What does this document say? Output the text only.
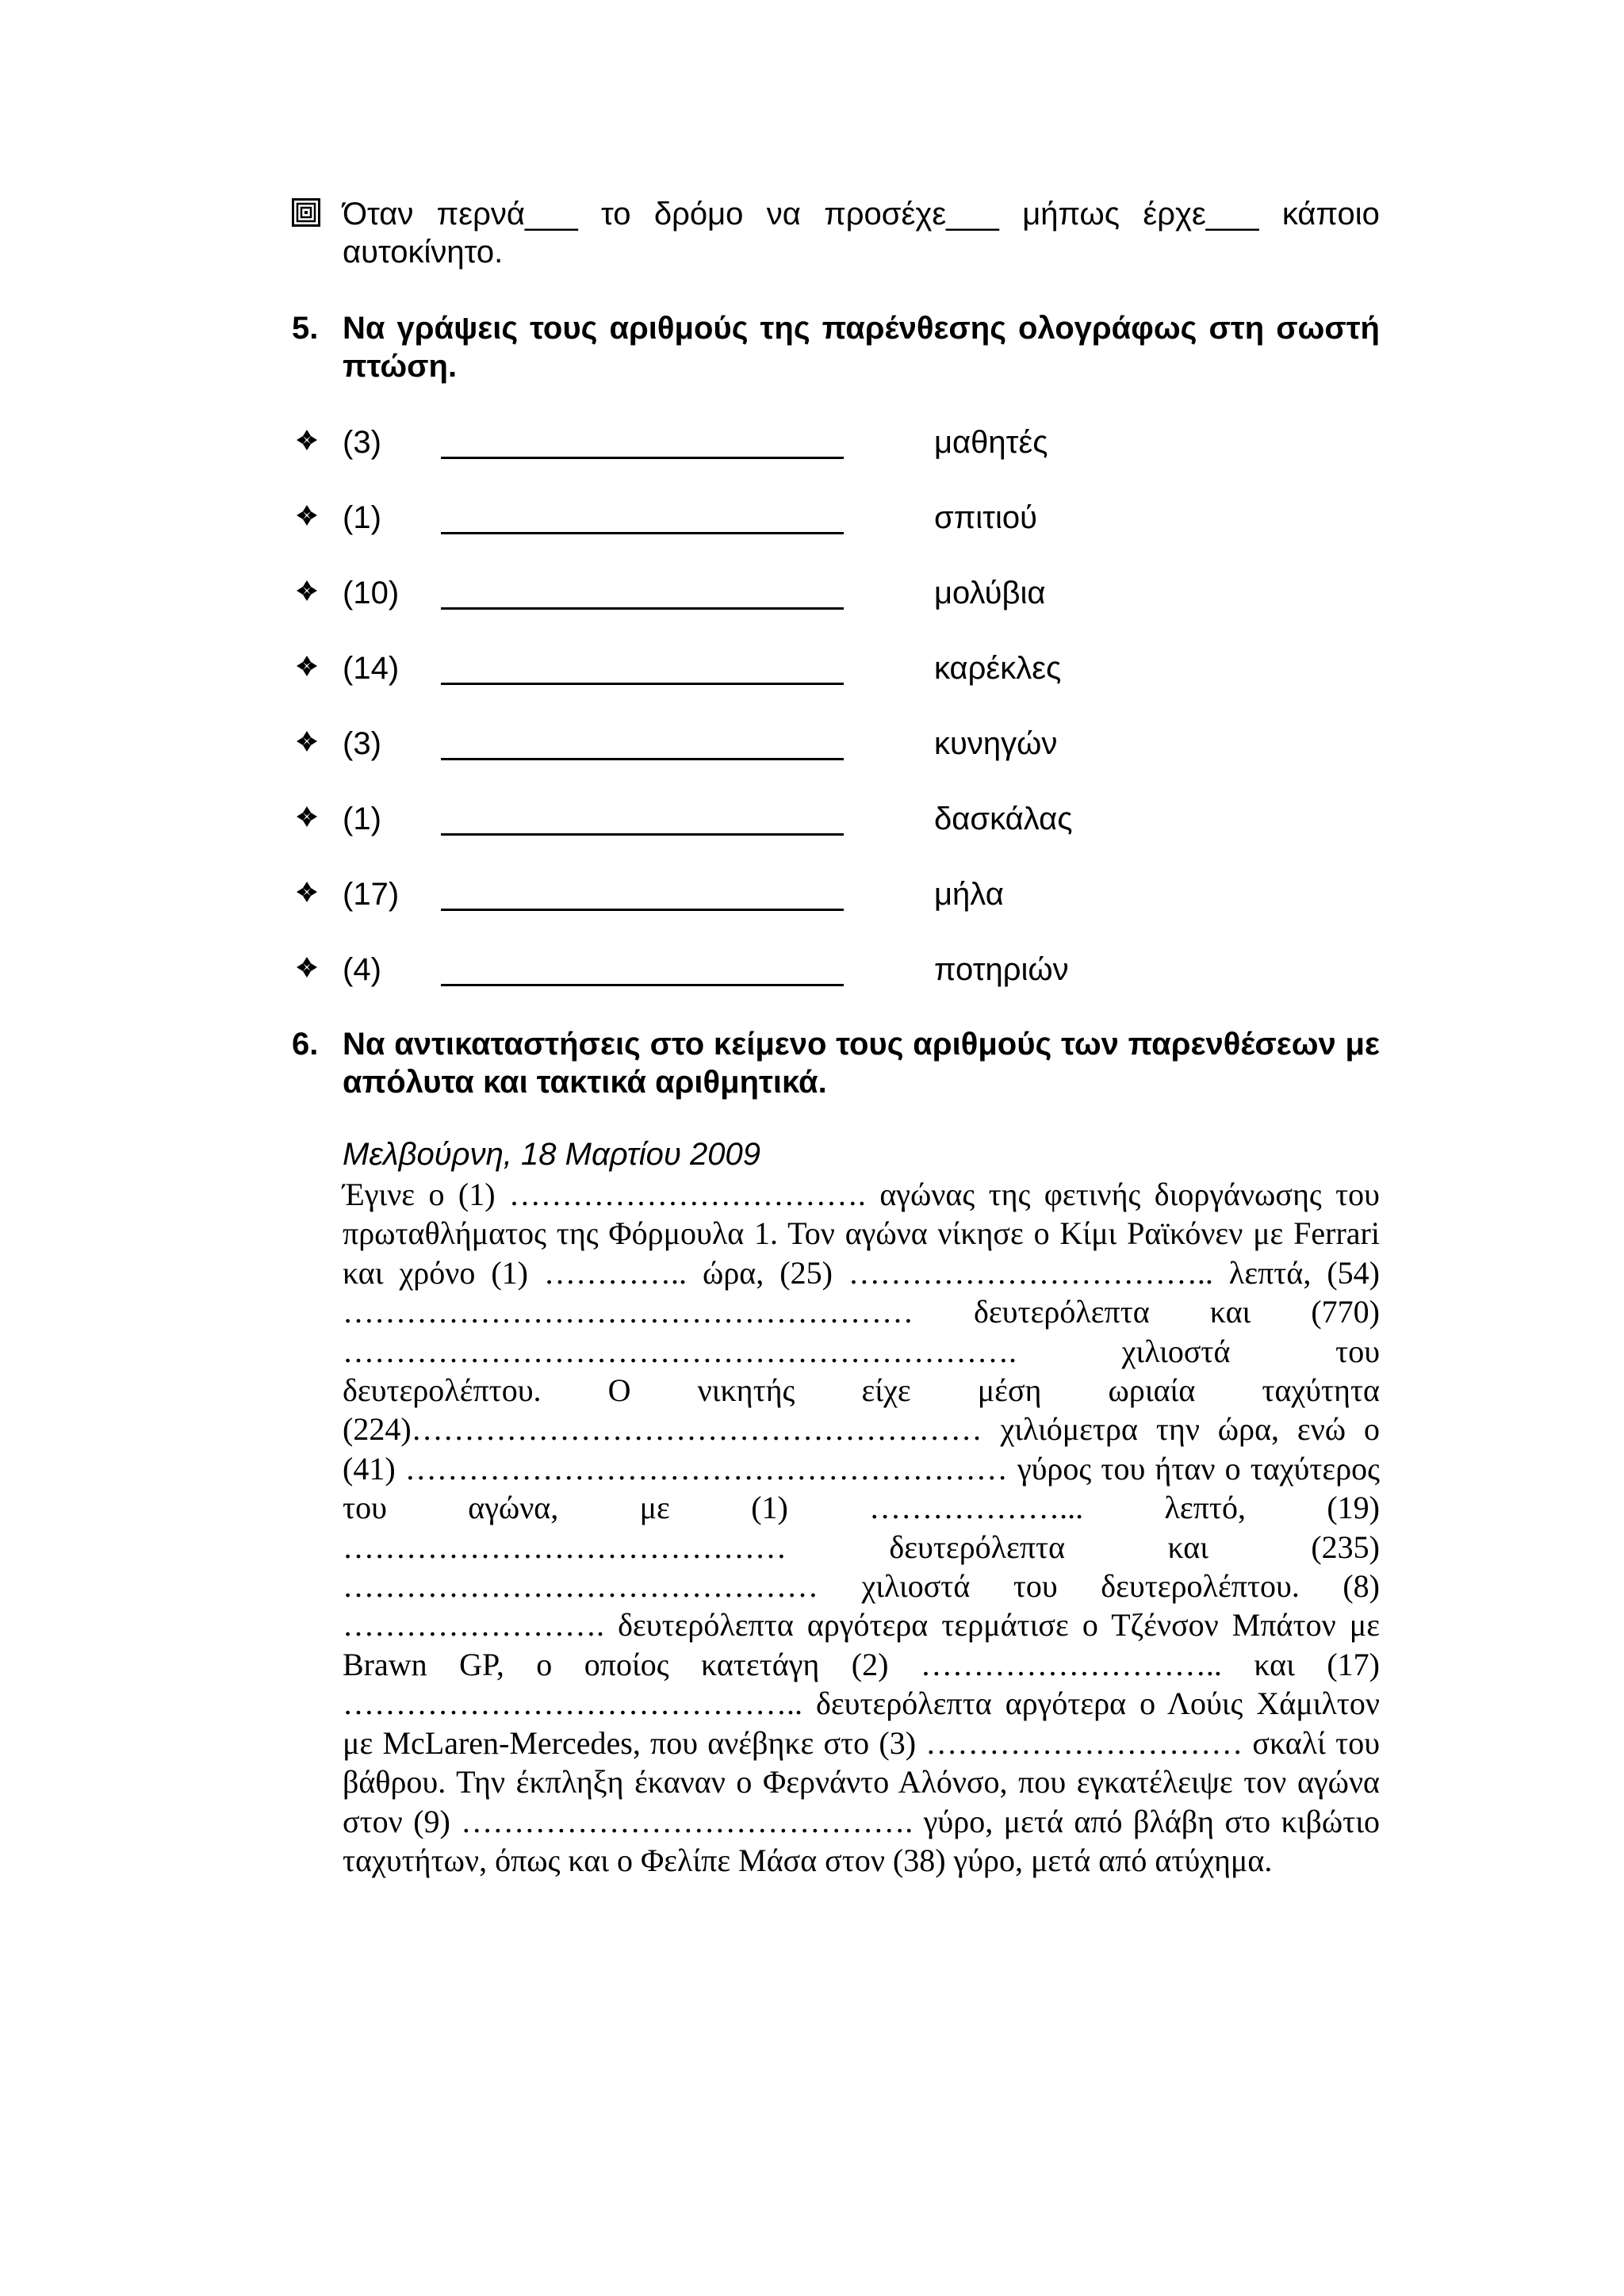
Όταν περνά___ το δρόμο να προσέχε___ μήπως έρχε___ κάποιο
αυτοκίνητο.
5. Να γράψεις τους αριθμούς της παρένθεσης ολογράφως στη σωστή πτώση.
(3)	μαθητές
(1)	σπιτιού
(10)	μολύβια
(14)	καρέκλες
(3)	κυνηγών
(1)	δασκάλας
(17)	μήλα
(4)	ποτηριών
6. Να αντικαταστήσεις στο κείμενο τους αριθμούς των παρενθέσεων με απόλυτα και τακτικά αριθμητικά.
Μελβούρνη, 18 Μαρτίου 2009

Έγινε ο (1) ……………………………. αγώνας της φετινής διοργάνωσης του πρωταθλήματος της Φόρμουλα 1. Τον αγώνα νίκησε ο Κίμι Ραϊκόνεν με Ferrari και χρόνο (1) ………….. ώρα, (25) …………………………….. λεπτά, (54) ……………………………………………… δευτερόλεπτα και (770) ………………………………………………………. χιλιοστά του δευτερολέπτου. Ο νικητής είχε μέση ωριαία ταχύτητα (224)……………………………………………… χιλιόμετρα την ώρα, ενώ ο (41) ………………………………………………… γύρος του ήταν ο ταχύτερος του αγώνα, με (1) ………………... λεπτό, (19) …………………………………… δευτερόλεπτα και (235) ……………………………………… χιλιοστά του δευτερολέπτου. (8) ……………………. δευτερόλεπτα αργότερα τερμάτισε ο Τζένσον Μπάτον με Brawn GP, ο οποίος κατετάγη (2) ……………………….. και (17) …………………………………….. δευτερόλεπτα αργότερα ο Λούις Χάμιλτον με McLaren-Mercedes, που ανέβηκε στο (3) ………………………… σκαλί του βάθρου. Την έκπληξη έκαναν ο Φερνάντο Αλόνσο, που εγκατέλειψε τον αγώνα στον (9) ……………………………………. γύρο, μετά από βλάβη στο κιβώτιο ταχυτήτων, όπως και ο Φελίπε Μάσα στον (38) γύρο, μετά από ατύχημα.
